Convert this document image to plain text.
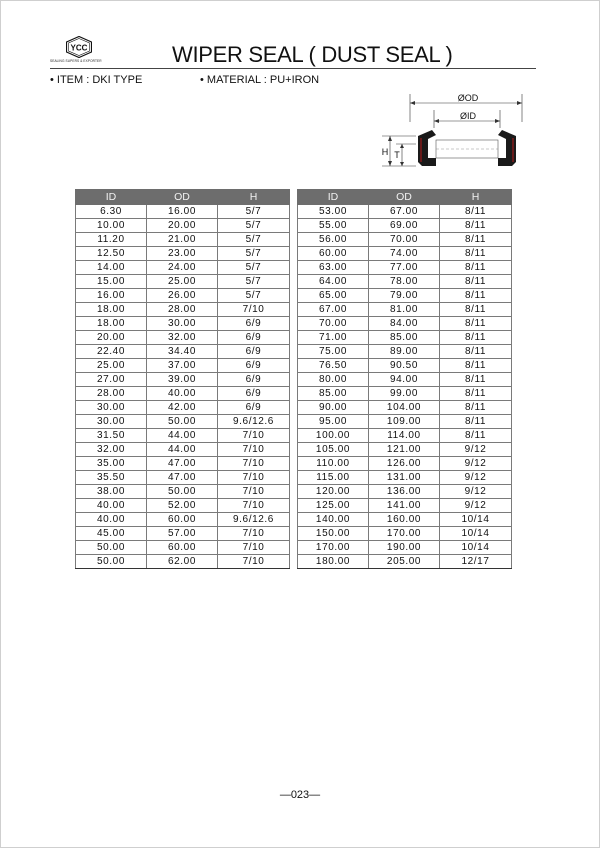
YCC
SEALING SUPERS & EXPORTER	WIPER SEAL ( DUST SEAL )
• ITEM : DKI TYPE	• MATERIAL : PU+IRON
ØOD
ØID
H T
ID	OD	H
6.30	16.00	5/7
10.00	20.00	5/7
11.20	21.00	5/7
12.50	23.00	5/7
14.00	24.00	5/7
15.00	25.00	5/7
16.00	26.00	5/7
18.00	28.00	7/10
18.00	30.00	6/9
20.00	32.00	6/9
22.40	34.40	6/9
25.00	37.00	6/9
27.00	39.00	6/9
28.00	40.00	6/9
30.00	42.00	6/9
30.00	50.00	9.6/12.6
31.50	44.00	7/10
32.00	44.00	7/10
35.00	47.00	7/10
35.50	47.00	7/10
38.00	50.00	7/10
40.00	52.00	7/10
40.00	60.00	9.6/12.6
45.00	57.00	7/10
50.00	60.00	7/10
50.00	62.00	7/10
ID	OD	H
53.00	67.00	8/11
55.00	69.00	8/11
56.00	70.00	8/11
60.00	74.00	8/11
63.00	77.00	8/11
64.00	78.00	8/11
65.00	79.00	8/11
67.00	81.00	8/11
70.00	84.00	8/11
71.00	85.00	8/11
75.00	89.00	8/11
76.50	90.50	8/11
80.00	94.00	8/11
85.00	99.00	8/11
90.00	104.00	8/11
95.00	109.00	8/11
100.00	114.00	8/11
105.00	121.00	9/12
110.00	126.00	9/12
115.00	131.00	9/12
120.00	136.00	9/12
125.00	141.00	9/12
140.00	160.00	10/14
150.00	170.00	10/14
170.00	190.00	10/14
180.00	205.00	12/17
—023—
